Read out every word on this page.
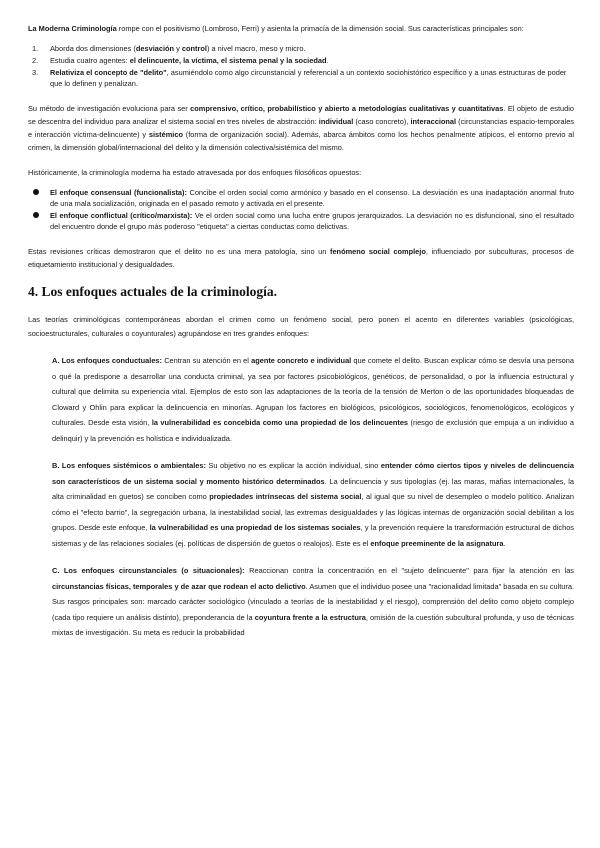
La Moderna Criminología rompe con el positivismo (Lombroso, Ferri) y asienta la primacía de la dimensión social. Sus características principales son:

1. Aborda dos dimensiones (desviación y control) a nivel macro, meso y micro.
2. Estudia cuatro agentes: el delincuente, la víctima, el sistema penal y la sociedad.
3. Relativiza el concepto de "delito", asumiéndolo como algo circunstancial y referencial a un contexto sociohistórico específico y a unas estructuras de poder que lo definen y penalizan.

Su método de investigación evoluciona para ser comprensivo, crítico, probabilístico y abierto a metodologías cualitativas y cuantitativas. El objeto de estudio se descentra del individuo para analizar el sistema social en tres niveles de abstracción: individual (caso concreto), interaccional (circunstancias espacio-temporales e interacción víctima-delincuente) y sistémico (forma de organización social). Además, abarca ámbitos como los hechos penalmente atípicos, el entorno previo al crimen, la dimensión global/internacional del delito y la dimensión colectiva/sistémica del mismo.

Históricamente, la criminología moderna ha estado atravesada por dos enfoques filosóficos opuestos:

El enfoque consensual (funcionalista): Concibe el orden social como armónico y basado en el consenso. La desviación es una inadaptación anormal fruto de una mala socialización, originada en el pasado remoto y activada en el presente.
El enfoque conflictual (crítico/marxista): Ve el orden social como una lucha entre grupos jerarquizados. La desviación no es disfuncional, sino el resultado del encuentro donde el grupo más poderoso "etiqueta" a ciertas conductas como delictivas.

Estas revisiones críticas demostraron que el delito no es una mera patología, sino un fenómeno social complejo, influenciado por subculturas, procesos de etiquetamiento institucional y desigualdades.

4. Los enfoques actuales de la criminología.

Las teorías criminológicas contemporáneas abordan el crimen como un fenómeno social, pero ponen el acento en diferentes variables (psicológicas, socioestructurales, culturales o coyunturales) agrupándose en tres grandes enfoques:

A. Los enfoques conductuales: Centran su atención en el agente concreto e individual que comete el delito. Buscan explicar cómo se desvía una persona o qué la predispone a desarrollar una conducta criminal, ya sea por factores psicobiológicos, genéticos, de personalidad, o por la influencia estructural y cultural que delimita su experiencia vital. Ejemplos de esto son las adaptaciones de la teoría de la tensión de Merton o de las oportunidades bloqueadas de Cloward y Ohlin para explicar la delincuencia en minorías. Agrupan los factores en biológicos, psicológicos, sociológicos, fenomenológicos, ecológicos y culturales. Desde esta visión, la vulnerabilidad es concebida como una propiedad de los delincuentes (riesgo de exclusión que empuja a un individuo a delinquir) y la prevención es holística e individualizada.

B. Los enfoques sistémicos o ambientales: Su objetivo no es explicar la acción individual, sino entender cómo ciertos tipos y niveles de delincuencia son característicos de un sistema social y momento histórico determinados. La delincuencia y sus tipologías (ej. las maras, mafias internacionales, la alta criminalidad en guetos) se conciben como propiedades intrínsecas del sistema social, al igual que su nivel de desempleo o modelo político. Analizan cómo el "efecto barrio", la segregación urbana, la inestabilidad social, las extremas desigualdades y las lógicas internas de organización social debilitan a los grupos. Desde este enfoque, la vulnerabilidad es una propiedad de los sistemas sociales, y la prevención requiere la transformación estructural de dichos sistemas y de las relaciones sociales (ej. políticas de dispersión de guetos o realojos). Este es el enfoque preeminente de la asignatura.

C. Los enfoques circunstanciales (o situacionales): Reaccionan contra la concentración en el "sujeto delincuente" para fijar la atención en las circunstancias físicas, temporales y de azar que rodean el acto delictivo. Asumen que el individuo posee una "racionalidad limitada" basada en su cultura. Sus rasgos principales son: marcado carácter sociológico (vinculado a teorías de la inestabilidad y el riesgo), comprensión del delito como objeto complejo (cada tipo requiere un análisis distinto), preponderancia de la coyuntura frente a la estructura, omisión de la cuestión subcultural profunda, y uso de técnicas mixtas de investigación. Su meta es reducir la probabilidad
